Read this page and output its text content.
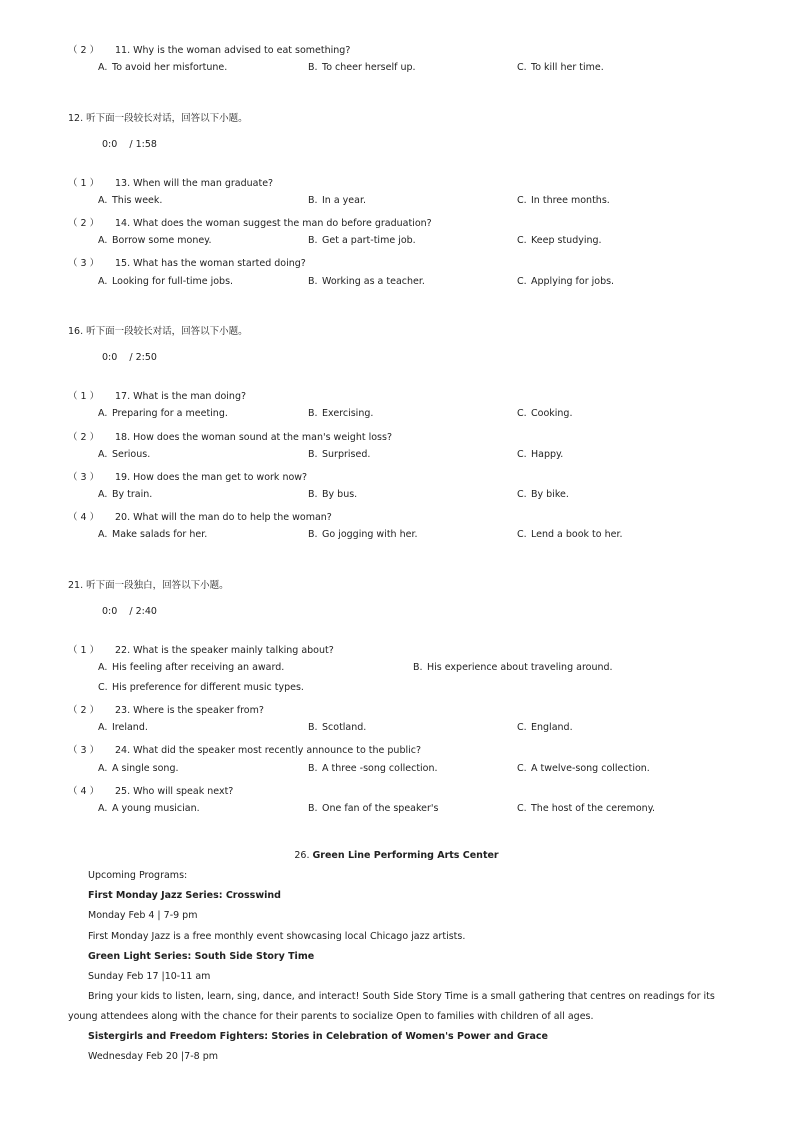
（ 2 ） 11. Why is the woman advised to eat something?
A. To avoid her misfortune.	B. To cheer herself up.	C. To kill her time.
12. 听下面一段较长对话，回答以下小题。
0:0 / 1:58
（ 1 ） 13. When will the man graduate?
A. This week.	B. In a year.	C. In three months.
（ 2 ） 14. What does the woman suggest the man do before graduation?
A. Borrow some money.	B. Get a part-time job.	C. Keep studying.
（ 3 ） 15. What has the woman started doing?
A. Looking for full-time jobs.	B. Working as a teacher.	C. Applying for jobs.
16. 听下面一段较长对话，回答以下小题。
0:0 / 2:50
（ 1 ） 17. What is the man doing?
A. Preparing for a meeting.	B. Exercising.	C. Cooking.
（ 2 ） 18. How does the woman sound at the man's weight loss?
A. Serious.	B. Surprised.	C. Happy.
（ 3 ） 19. How does the man get to work now?
A. By train.	B. By bus.	C. By bike.
（ 4 ） 20. What will the man do to help the woman?
A. Make salads for her.	B. Go jogging with her.	C. Lend a book to her.
21. 听下面一段独白，回答以下小题。
0:0 / 2:40
（ 1 ） 22. What is the speaker mainly talking about?
A. His feeling after receiving an award.	B. His experience about traveling around.
C. His preference for different music types.
（ 2 ） 23. Where is the speaker from?
A. Ireland.	B. Scotland.	C. England.
（ 3 ） 24. What did the speaker most recently announce to the public?
A. A single song.	B. A three -song collection.	C. A twelve-song collection.
（ 4 ） 25. Who will speak next?
A. A young musician.	B. One fan of the speaker's	C. The host of the ceremony.
26. Green Line Performing Arts Center
Upcoming Programs:
First Monday Jazz Series: Crosswind
Monday Feb 4 | 7-9 pm
First Monday Jazz is a free monthly event showcasing local Chicago jazz artists.
Green Light Series: South Side Story Time
Sunday Feb 17 |10-11 am
Bring your kids to listen, learn, sing, dance, and interact! South Side Story Time is a small gathering that centres on readings for its
young attendees along with the chance for their parents to socialize Open to families with children of all ages.
Sistergirls and Freedom Fighters: Stories in Celebration of Women's Power and Grace
Wednesday Feb 20 |7-8 pm
